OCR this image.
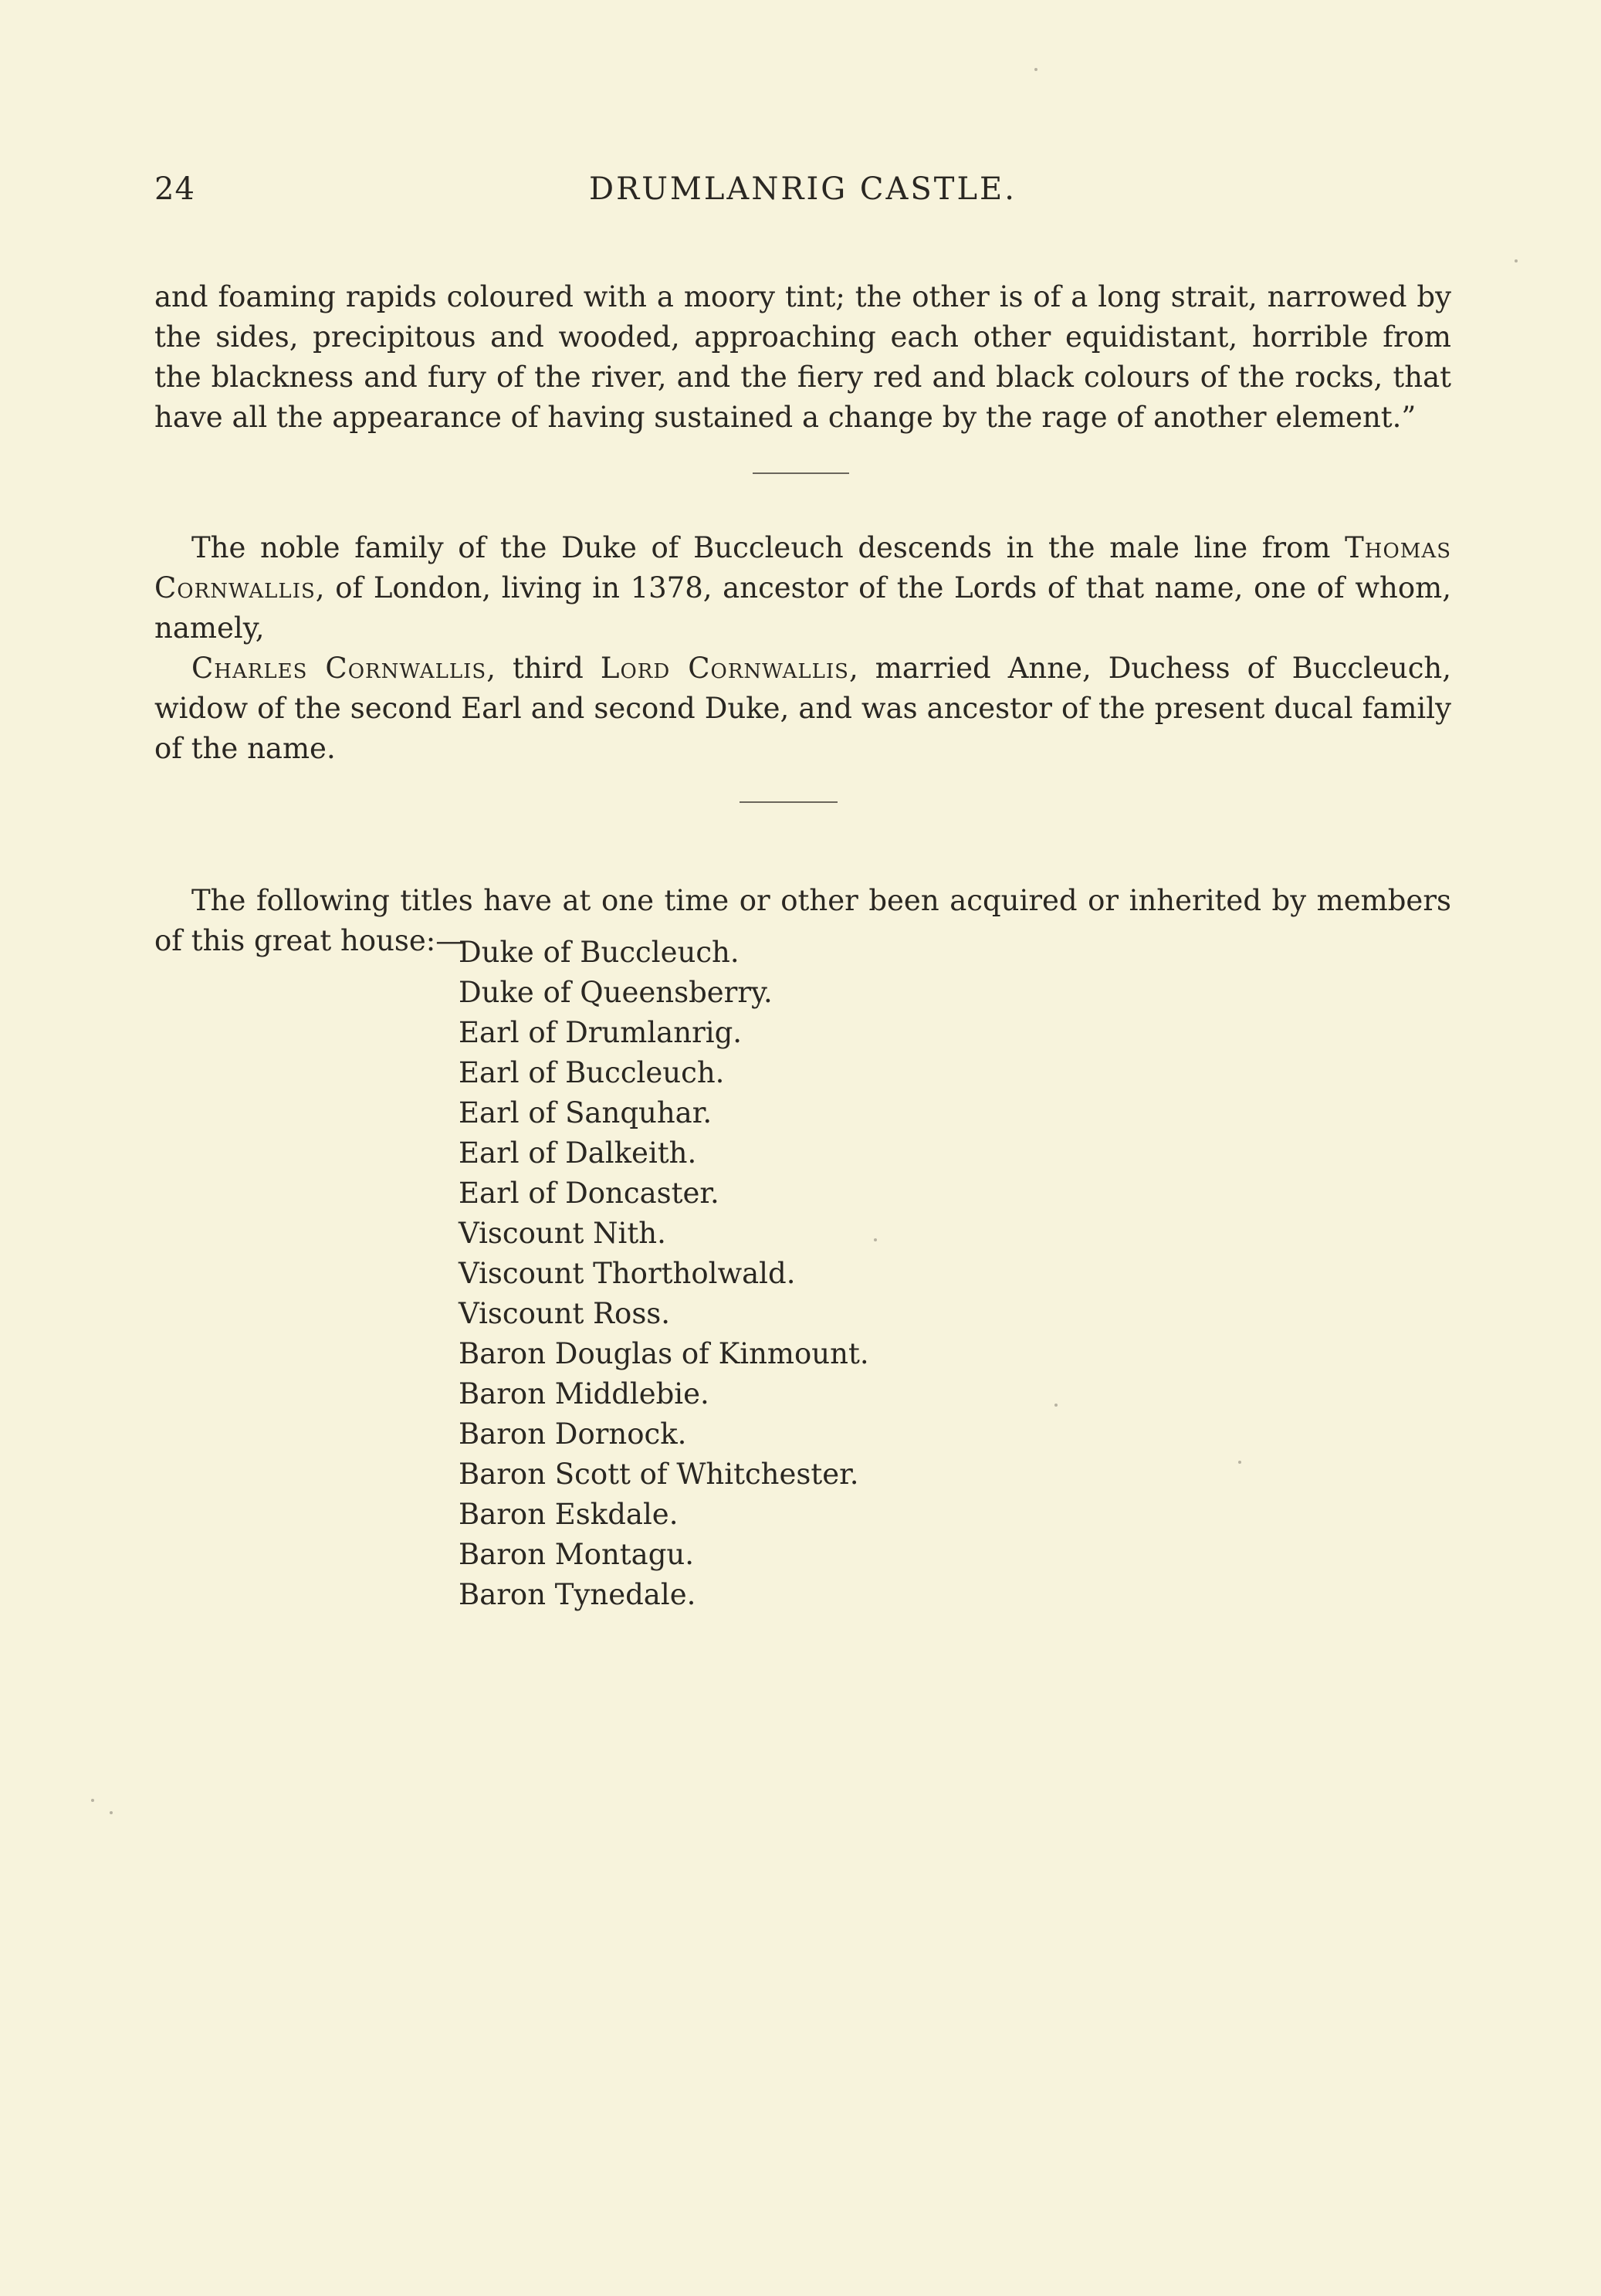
24	DRUMLANRIG CASTLE.

and foaming rapids coloured with a moory tint; the other is of a long strait, narrowed by the sides, precipitous and wooded, approaching each other equidistant, horrible from the blackness and fury of the river, and the fiery red and black colours of the rocks, that have all the appearance of having sustained a change by the rage of another element.”

The noble family of the Duke of Buccleuch descends in the male line from Thomas Cornwallis, of London, living in 1378, ancestor of the Lords of that name, one of whom, namely,
Charles Cornwallis, third Lord Cornwallis, married Anne, Duchess of Buccleuch, widow of the second Earl and second Duke, and was ancestor of the present ducal family of the name.

The following titles have at one time or other been acquired or inherited by members of this great house:—

Duke of Buccleuch.
Duke of Queensberry.
Earl of Drumlanrig.
Earl of Buccleuch.
Earl of Sanquhar.
Earl of Dalkeith.
Earl of Doncaster.
Viscount Nith.
Viscount Thortholwald.
Viscount Ross.
Baron Douglas of Kinmount.
Baron Middlebie.
Baron Dornock.
Baron Scott of Whitchester.
Baron Eskdale.
Baron Montagu.
Baron Tynedale.
